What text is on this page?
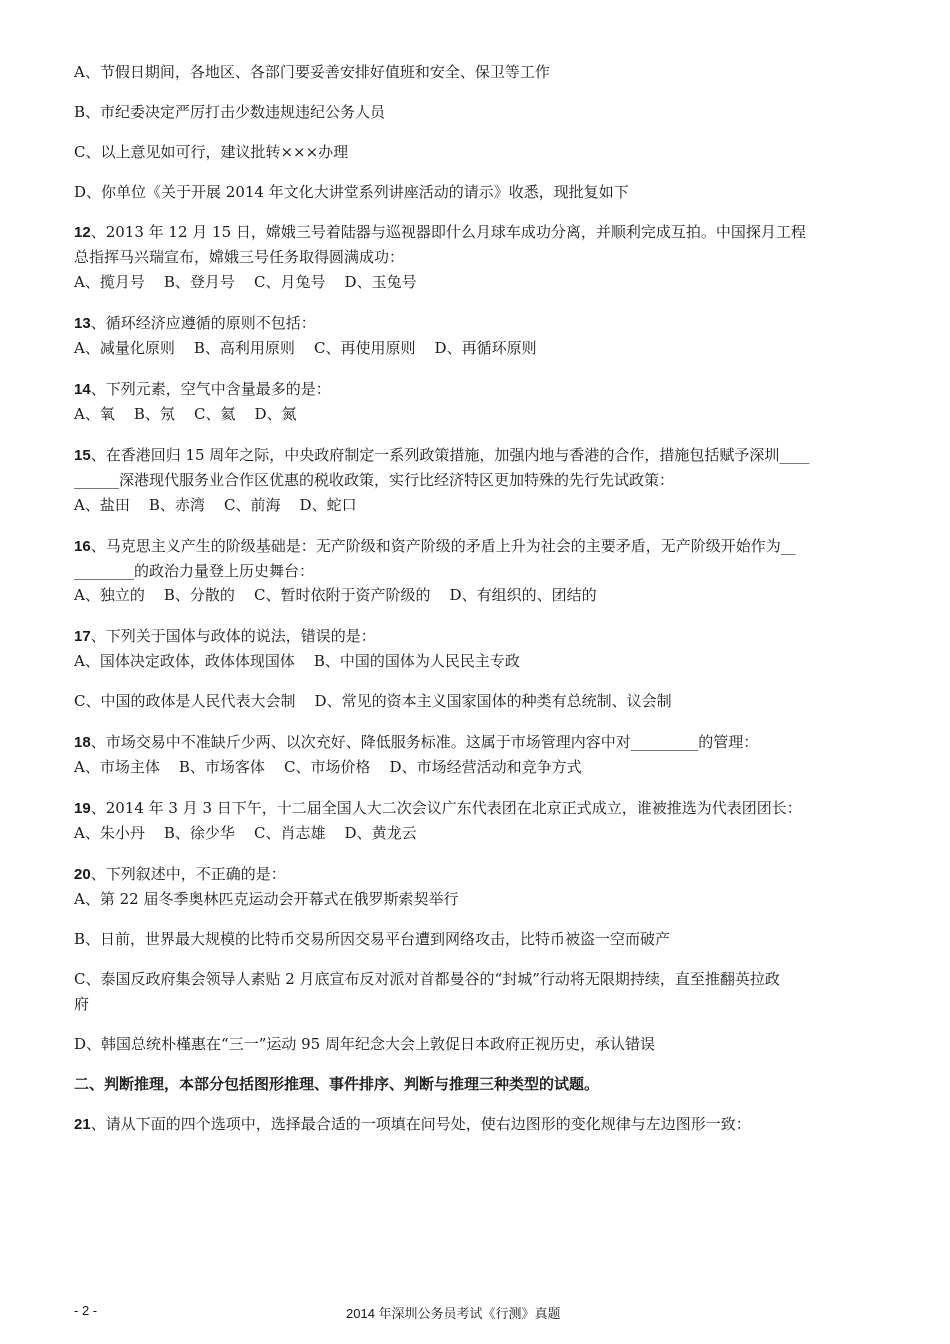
A、节假日期间，各地区、各部门要妥善安排好值班和安全、保卫等工作
B、市纪委决定严厉打击少数违规违纪公务人员
C、以上意见如可行，建议批转×××办理
D、你单位《关于开展 2014 年文化大讲堂系列讲座活动的请示》收悉，现批复如下
12、2013 年 12 月 15 日，嫦娥三号着陆器与巡视器即什么月球车成功分离，并顺利完成互拍。中国探月工程
总指挥马兴瑞宣布，嫦娥三号任务取得圆满成功：
A、揽月号    B、登月号    C、月兔号    D、玉兔号
13、循环经济应遵循的原则不包括：
A、减量化原则    B、高利用原则    C、再使用原则    D、再循环原则
14、下列元素，空气中含量最多的是：
A、氧    B、氖    C、氦    D、氮
15、在香港回归 15 周年之际，中央政府制定一系列政策措施，加强内地与香港的合作，措施包括赋予深圳____
______深港现代服务业合作区优惠的税收政策，实行比经济特区更加特殊的先行先试政策：
A、盐田    B、赤湾    C、前海    D、蛇口
16、马克思主义产生的阶级基础是：无产阶级和资产阶级的矛盾上升为社会的主要矛盾，无产阶级开始作为__
________的政治力量登上历史舞台：
A、独立的    B、分散的    C、暂时依附于资产阶级的    D、有组织的、团结的
17、下列关于国体与政体的说法，错误的是：
A、国体决定政体，政体体现国体    B、中国的国体为人民民主专政
C、中国的政体是人民代表大会制    D、常见的资本主义国家国体的种类有总统制、议会制
18、市场交易中不准缺斤少两、以次充好、降低服务标准。这属于市场管理内容中对_________的管理：
A、市场主体    B、市场客体    C、市场价格    D、市场经营活动和竞争方式
19、2014 年 3 月 3 日下午，十二届全国人大二次会议广东代表团在北京正式成立，谁被推选为代表团团长：
A、朱小丹    B、徐少华    C、肖志雄    D、黄龙云
20、下列叙述中，不正确的是：
A、第 22 届冬季奥林匹克运动会开幕式在俄罗斯索契举行
B、日前，世界最大规模的比特币交易所因交易平台遭到网络攻击，比特币被盗一空而破产
C、泰国反政府集会领导人素贴 2 月底宣布反对派对首都曼谷的“封城”行动将无限期持续，直至推翻英拉政
府
D、韩国总统朴槿惠在“三一”运动 95 周年纪念大会上敦促日本政府正视历史，承认错误
二、判断推理，本部分包括图形推理、事件排序、判断与推理三种类型的试题。
21、请从下面的四个选项中，选择最合适的一项填在问号处，使右边图形的变化规律与左边图形一致：
- 2 -	2014 年深圳公务员考试《行测》真题
